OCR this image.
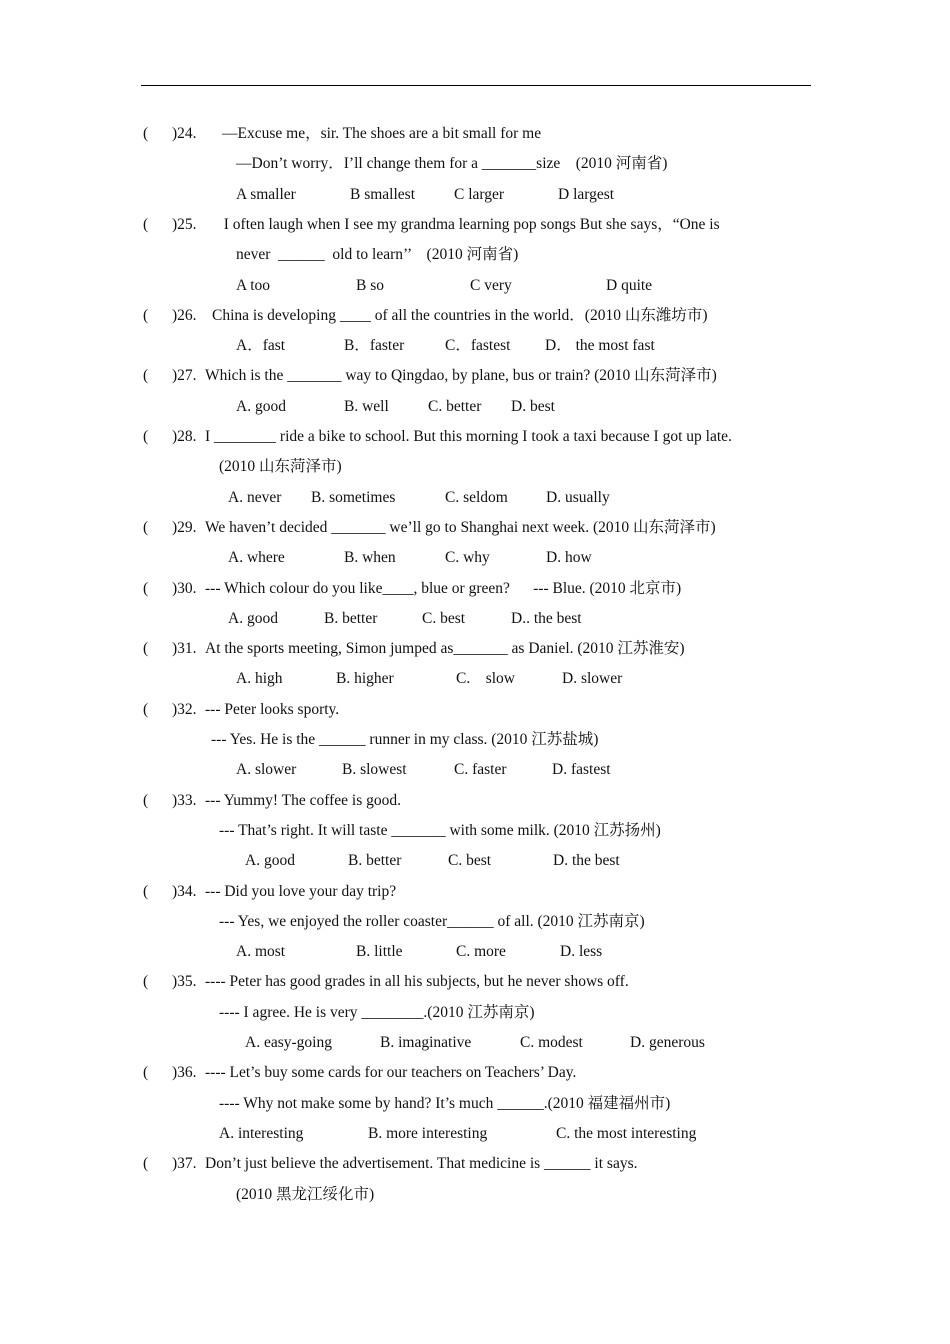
( )24. —Excuse me，sir. The shoes are a bit small for me
—Don’t worry．I’ll change them for a _______size    (2010 河南省)
A smaller	B smallest	C larger	D largest
( )25. I often laugh when I see my grandma learning pop songs But she says，“One is
never  ______  old to learn’’    (2010 河南省)
A too	B so	C very	D quite
( )26. China is developing ____ of all the countries in the world．(2010 山东潍坊市)
A．fast	B．faster	C．fastest D． the most fast
( )27. Which is the _______ way to Qingdao, by plane, bus or train? (2010 山东菏泽市)
A. good	B. well	C. better D. best
( )28. I ________ ride a bike to school. But this morning I took a taxi because I got up late.
(2010 山东菏泽市)
A. never B. sometimes	C. seldom D. usually
( )29. We haven’t decided _______ we’ll go to Shanghai next week. (2010 山东菏泽市)
A. where	B. when	C. why	D. how
( )30. --- Which colour do you like____, blue or green?      --- Blue. (2010 北京市)
A. good	B. better	C. best	D.. the best
( )31. At the sports meeting, Simon jumped as_______ as Daniel. (2010 江苏淮安)
A. high	B. higher	C.    slow	D. slower
( )32. --- Peter looks sporty.
--- Yes. He is the ______ runner in my class. (2010 江苏盐城)
A. slower	B. slowest	C. faster	D. fastest
( )33. --- Yummy! The coffee is good.
--- That’s right. It will taste _______ with some milk. (2010 江苏扬州)
A. good	B. better	C. best	D. the best
( )34. --- Did you love your day trip?
--- Yes, we enjoyed the roller coaster______ of all. (2010 江苏南京)
A. most	B. little	C. more	D. less
( )35. ---- Peter has good grades in all his subjects, but he never shows off.
---- I agree. He is very ________.(2010 江苏南京)
A. easy-going	B. imaginative	C. modest	D. generous
( )36. ---- Let’s buy some cards for our teachers on Teachers’ Day.
---- Why not make some by hand? It’s much ______.(2010 福建福州市)
A. interesting	B. more interesting	C. the most interesting
( )37. Don’t just believe the advertisement. That medicine is ______ it says.
(2010 黑龙江绥化市)
